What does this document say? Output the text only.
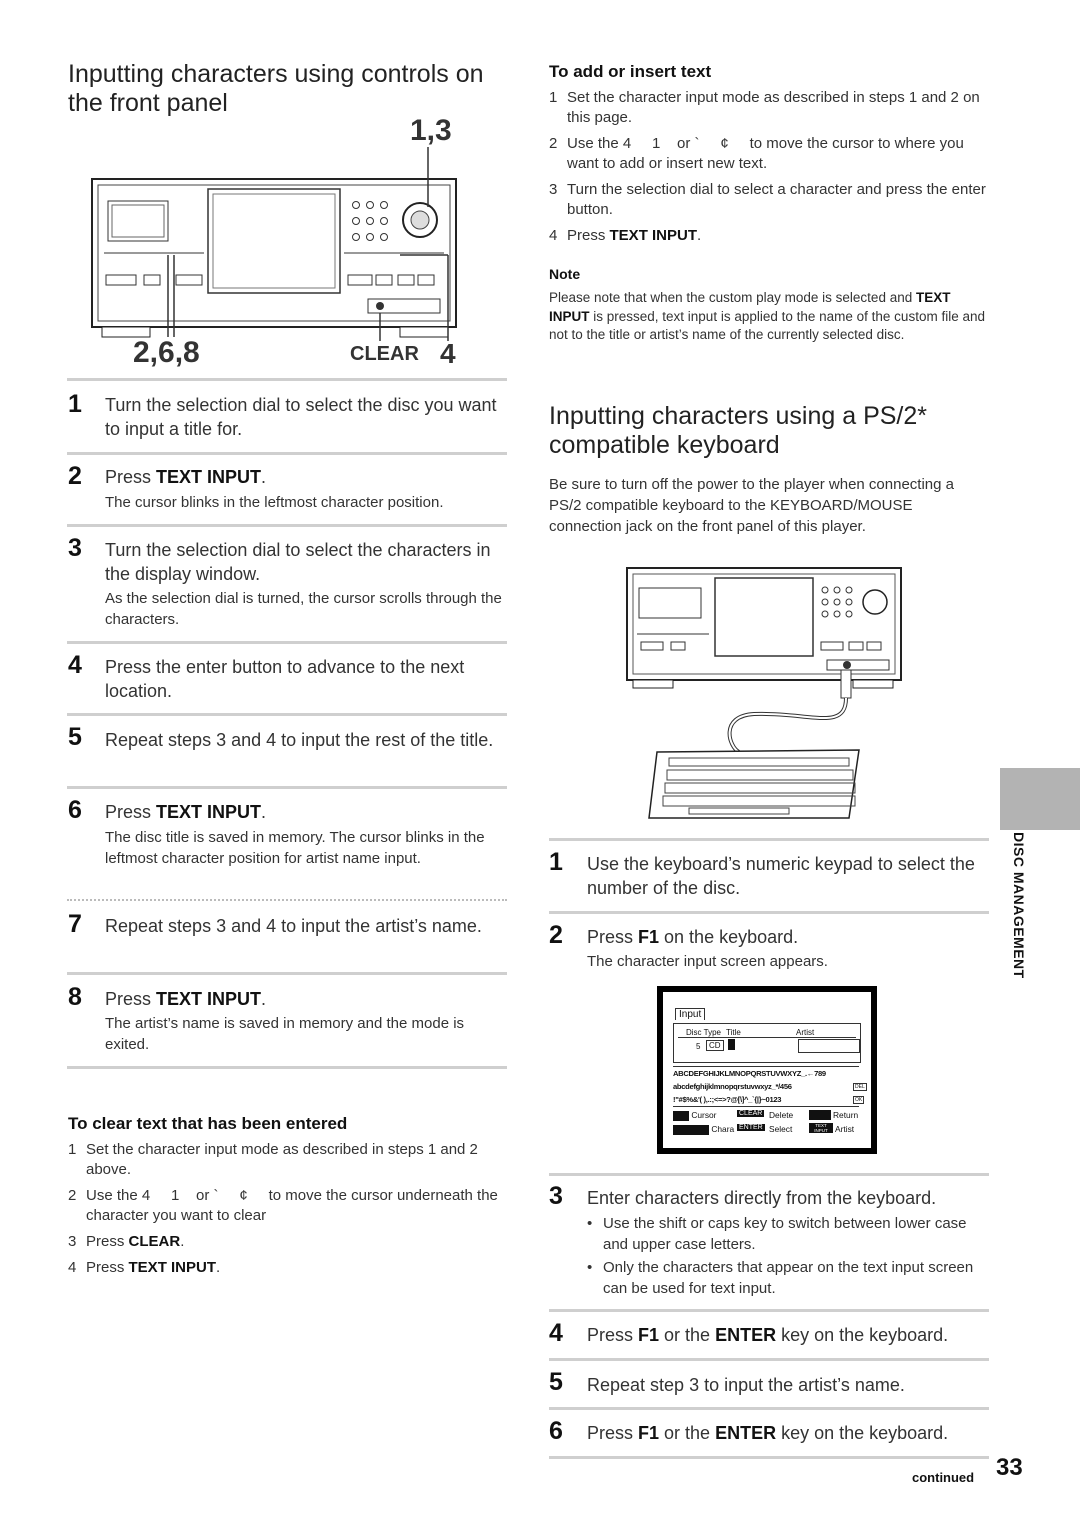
Inputting characters using controls on the front panel
1,3
2,6,8	CLEAR 4
1 Turn the selection dial to select the disc you want to input a title for.
2 Press TEXT INPUT.
The cursor blinks in the leftmost character position.
3 Turn the selection dial to select the characters in the display window.
As the selection dial is turned, the cursor scrolls through the characters.
4 Press the enter button to advance to the next location.
5 Repeat steps 3 and 4 to input the rest of the title.
6 Press TEXT INPUT.
The disc title is saved in memory. The cursor blinks in the leftmost character position for artist name input.
7 Repeat steps 3 and 4 to input the artist’s name.
8 Press TEXT INPUT.
The artist’s name is saved in memory and the mode is exited.
To clear text that has been entered
1 Set the character input mode as described in steps 1 and 2 above.
2 Use the 4     1    or `     ¢     to move the cursor underneath the character you want to clear
3 Press CLEAR.
4 Press TEXT INPUT.
To add or insert text
1 Set the character input mode as described in steps 1 and 2 on this page.
2 Use the 4     1    or `     ¢     to move the cursor to where you want to add or insert new text.
3 Turn the selection dial to select a character and press the enter button.
4 Press TEXT INPUT.
Note
Please note that when the custom play mode is selected and TEXT INPUT is pressed, text input is applied to the name of the custom file and not to the title or artist’s name of the currently selected disc.
Inputting characters using a PS/2* compatible keyboard
Be sure to turn off the power to the player when connecting a PS/2 compatible keyboard to the KEYBOARD/MOUSE connection jack on the front panel of this player.
1 Use the keyboard’s numeric keypad to select the number of the disc.
2 Press F1 on the keyboard.
The character input screen appears.
Input
Disc Type Title	Artist
5	CD
ABCDEFGHIJKLMNOPQRSTUVWXYZ_.←789
abcdefghijklmnopqrstuvwxyz_*/456
!"#$%&'( ),.:;<=>?@[\]^_`{|}~0123
DEL
OK
Cursor	CLEAR Delete	Return
Chara ENTER Select	TEXT INPUT Artist
3 Enter characters directly from the keyboard.
• Use the shift or caps key to switch between lower case and upper case letters.
• Only the characters that appear on the text input screen can be used for text input.
4 Press F1 or the ENTER key on the keyboard.
5 Repeat step 3 to input the artist’s name.
6 Press F1 or the ENTER key on the keyboard.
DISC MANAGEMENT
continued 33
